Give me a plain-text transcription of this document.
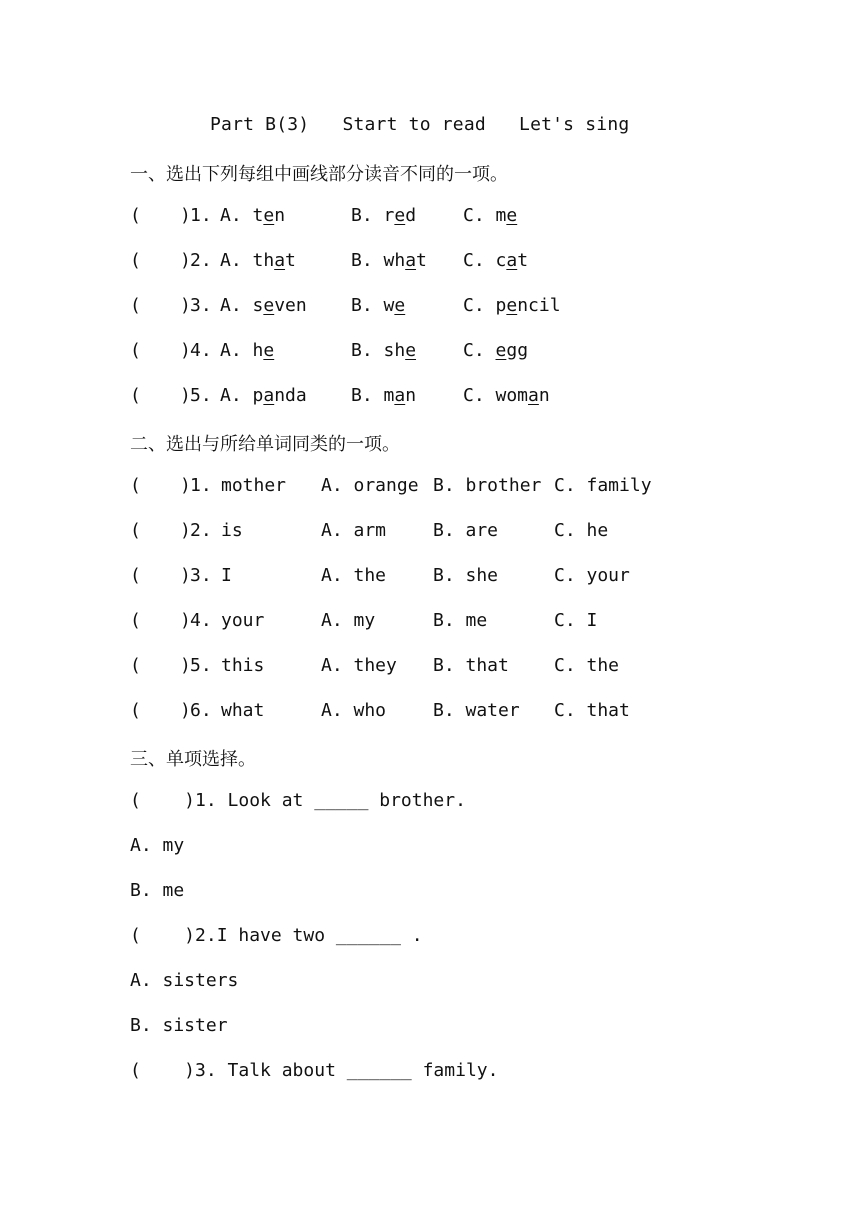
Part B(3)   Start to read   Let's sing
一、选出下列每组中画线部分读音不同的一项。
( ) 1. A. ten	B. red	C. me
( ) 2. A. that	B. what C. cat
( ) 3. A. seven B. we	C. pencil
( ) 4. A. he	B. she	C. egg
( ) 5. A. panda B. man	C. woman
二、选出与所给单词同类的一项。
( ) 1. mother A. orange B. brother C. family
( ) 2. is	A. arm	B. are	C. he
( ) 3. I	A. the	B. she	C. your
( ) 4. your	A. my	B. me	C. I
( ) 5. this	A. they B. that	C. the
( ) 6. what	A. who	B. water C. that
三、单项选择。
(    )1. Look at _____ brother.
A. my
B. me
(    )2.I have two ______ .
A. sisters
B. sister
(    )3. Talk about ______ family.
